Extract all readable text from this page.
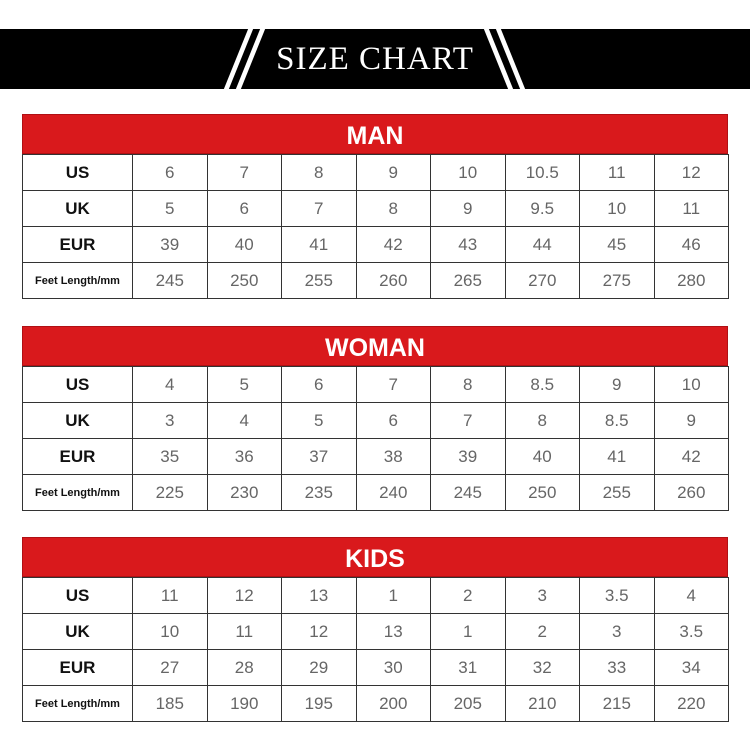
SIZE CHART
MAN
US	6	7	8	9	10	10.5	11	12
UK	5	6	7	8	9	9.5	10	11
EUR	39	40	41	42	43	44	45	46
Feet Length/mm	245	250	255	260	265	270	275	280
WOMAN
US	4	5	6	7	8	8.5	9	10
UK	3	4	5	6	7	8	8.5	9
EUR	35	36	37	38	39	40	41	42
Feet Length/mm	225	230	235	240	245	250	255	260
KIDS
US	11	12	13	1	2	3	3.5	4
UK	10	11	12	13	1	2	3	3.5
EUR	27	28	29	30	31	32	33	34
Feet Length/mm	185	190	195	200	205	210	215	220
